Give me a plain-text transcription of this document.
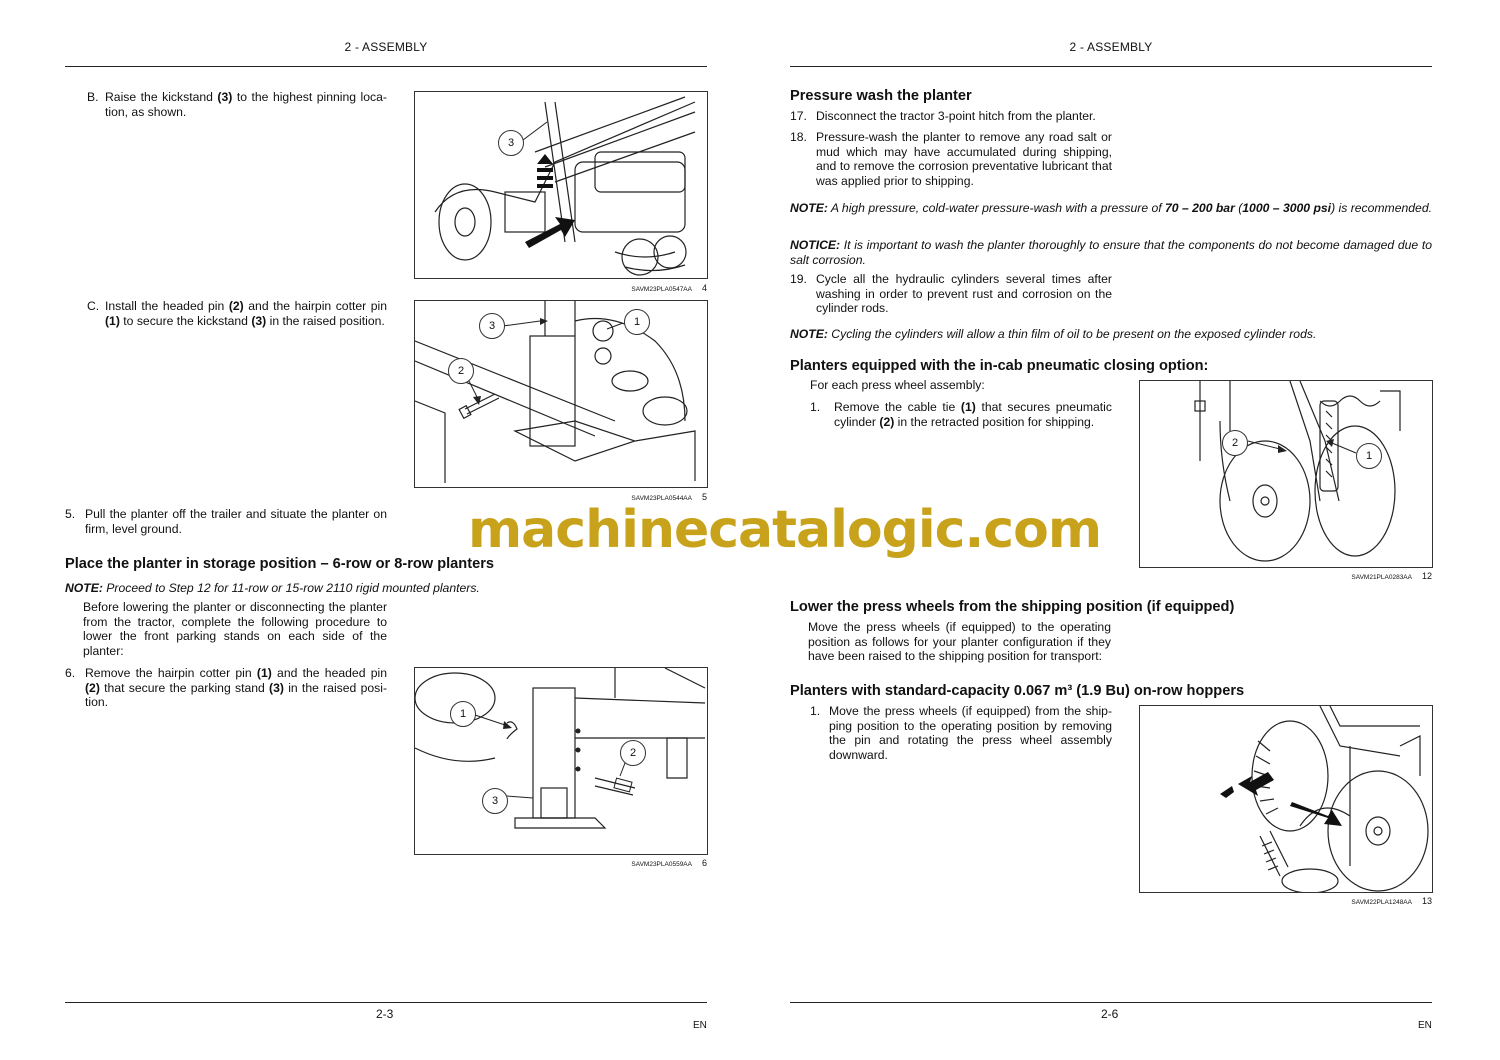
2 - ASSEMBLY
B. Raise the kickstand (3) to the highest pinning location, as shown.
3
SAVM23PLA0547AA 4
C. Install the headed pin (2) and the hairpin cotter pin (1) to secure the kickstand (3) in the raised position.	3	1
2
SAVM23PLA0544AA 5
5. Pull the planter off the trailer and situate the planter on firm, level ground.
Place the planter in storage position – 6-row or 8-row planters
NOTE: Proceed to Step 12 for 11-row or 15-row 2110 rigid mounted planters.
Before lowering the planter or disconnecting the planter from the tractor, complete the following procedure to lower the front parking stands on each side of the planter:
6. Remove the hairpin cotter pin (1) and the headed pin (2) that secure the parking stand (3) in the raised position.
1
2
3
SAVM23PLA0559AA 6
2-3
EN
2 - ASSEMBLY
Pressure wash the planter
17. Disconnect the tractor 3-point hitch from the planter.
18. Pressure-wash the planter to remove any road salt or mud which may have accumulated during shipping, and to remove the corrosion preventative lubricant that was applied prior to shipping.
NOTE: A high pressure, cold-water pressure-wash with a pressure of 70 – 200 bar (1000 – 3000 psi) is recommended.
NOTICE: It is important to wash the planter thoroughly to ensure that the components do not become damaged due to salt corrosion.
19. Cycle all the hydraulic cylinders several times after washing in order to prevent rust and corrosion on the cylinder rods.
NOTE: Cycling the cylinders will allow a thin film of oil to be present on the exposed cylinder rods.
Planters equipped with the in-cab pneumatic closing option:
For each press wheel assembly:
1. Remove the cable tie (1) that secures pneumatic cylinder (2) in the retracted position for shipping.
2
1
SAVM21PLA0283AA 12
Lower the press wheels from the shipping position (if equipped)
Move the press wheels (if equipped) to the operating position as follows for your planter configuration if they have been raised to the shipping position for transport:
Planters with standard-capacity 0.067 m³ (1.9 Bu) on-row hoppers
1. Move the press wheels (if equipped) from the shipping position to the operating position by removing the pin and rotating the press wheel assembly downward.
SAVM22PLA1248AA 13
2-6
EN
machinecatalogic.com
